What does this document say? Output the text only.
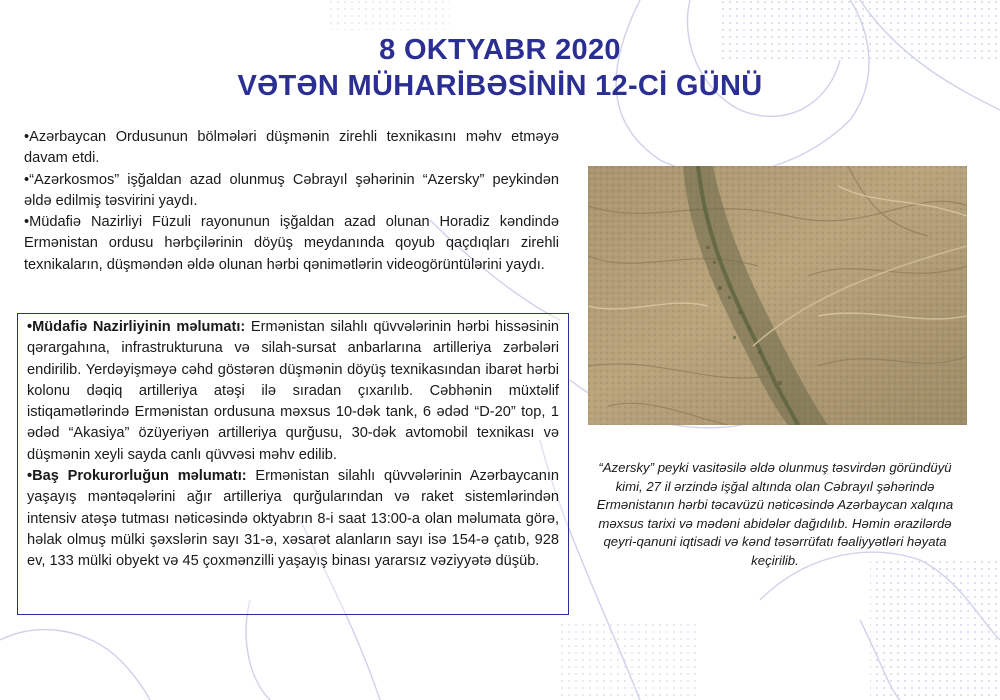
8 OKTYABR 2020
VƏTƏN MÜHARİBƏSİNİN 12-Cİ GÜNÜ

•Azərbaycan Ordusunun bölmələri düşmənin zirehli texnikasını məhv etməyə davam etdi.

•“Azərkosmos” işğaldan azad olunmuş Cəbrayıl şəhərinin “Azersky” peykindən əldə edilmiş təsvirini yaydı.

•Müdafiə Nazirliyi Füzuli rayonunun işğaldan azad olunan Horadiz kəndində Ermənistan ordusu hərbçilərinin döyüş meydanında qoyub qaçdıqları zirehli texnikaların, düşməndən əldə olunan hərbi qənimətlərin videogörüntülərini yaydı.

•Müdafiə Nazirliyinin məlumatı: Ermənistan silahlı qüvvələrinin hərbi hissəsinin qərargahına, infrastrukturuna və silah-sursat anbarlarına artilleriya zərbələri endirilib. Yerdəyişməyə cəhd göstərən düşmənin döyüş texnikasından ibarət hərbi kolonu dəqiq artilleriya atəşi ilə sıradan çıxarılıb. Cəbhənin müxtəlif istiqamətlərində Ermənistan ordusuna məxsus 10-dək tank, 6 ədəd “D-20” top, 1 ədəd “Akasiya” özüyeriyən artilleriya qurğusu, 30-dək avtomobil texnikası və düşmənin xeyli sayda canlı qüvvəsi məhv edilib.

•Baş Prokurorluğun məlumatı: Ermənistan silahlı qüvvələrinin Azərbaycanın yaşayış məntəqələrini ağır artilleriya qurğularından və raket sistemlərindən intensiv atəşə tutması nəticəsində oktyabrın 8-i saat 13:00-a olan məlumata görə, həlak olmuş mülki şəxslərin sayı 31-ə, xəsarət alanların sayı isə 154-ə çatıb, 928 ev, 133 mülki obyekt və 45 çoxmənzilli yaşayış binası yararsız vəziyyətə düşüb.

“Azersky” peyki vasitəsilə əldə olunmuş təsvirdən göründüyü kimi, 27 il ərzində işğal altında olan Cəbrayıl şəhərində Ermənistanın hərbi təcavüzü nəticəsində Azərbaycan xalqına məxsus tarixi və mədəni abidələr dağıdılıb. Həmin ərazilərdə qeyri-qanuni iqtisadi və kənd təsərrüfatı fəaliyyətləri həyata keçirilib.
